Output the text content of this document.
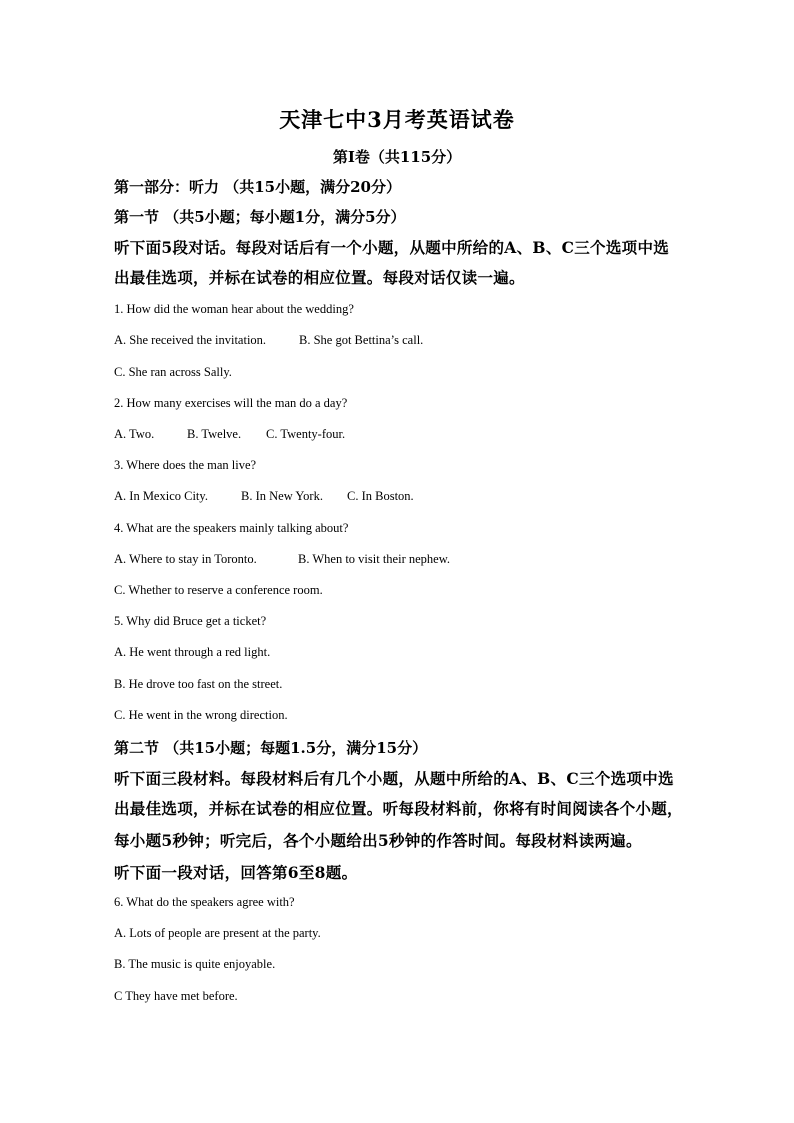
天津七中3月考英语试卷
第I卷（共115分）
第一部分：听力 （共15小题，满分20分）
第一节 （共5小题；每小题1分，满分5分）
听下面5段对话。每段对话后有一个小题，从题中所给的A、B、C三个选项中选
出最佳选项，并标在试卷的相应位置。每段对话仅读一遍。
1. How did the woman hear about the wedding?
A. She received the invitation.	B. She got Bettina’s call.
C. She ran across Sally.
2. How many exercises will the man do a day?
A. Two.	B. Twelve. C. Twenty-four.
3. Where does the man live?
A. In Mexico City.	B. In New York. C. In Boston.
4. What are the speakers mainly talking about?
A. Where to stay in Toronto.	B. When to visit their nephew.
C. Whether to reserve a conference room.
5. Why did Bruce get a ticket?
A. He went through a red light.
B. He drove too fast on the street.
C. He went in the wrong direction.
第二节 （共15小题；每题1.5分，满分15分）
听下面三段材料。每段材料后有几个小题，从题中所给的A、B、C三个选项中选
出最佳选项，并标在试卷的相应位置。听每段材料前，你将有时间阅读各个小题，
每小题5秒钟；听完后，各个小题给出5秒钟的作答时间。每段材料读两遍。
听下面一段对话，回答第6至8题。
6. What do the speakers agree with?
A. Lots of people are present at the party.
B. The music is quite enjoyable.
C They have met before.
